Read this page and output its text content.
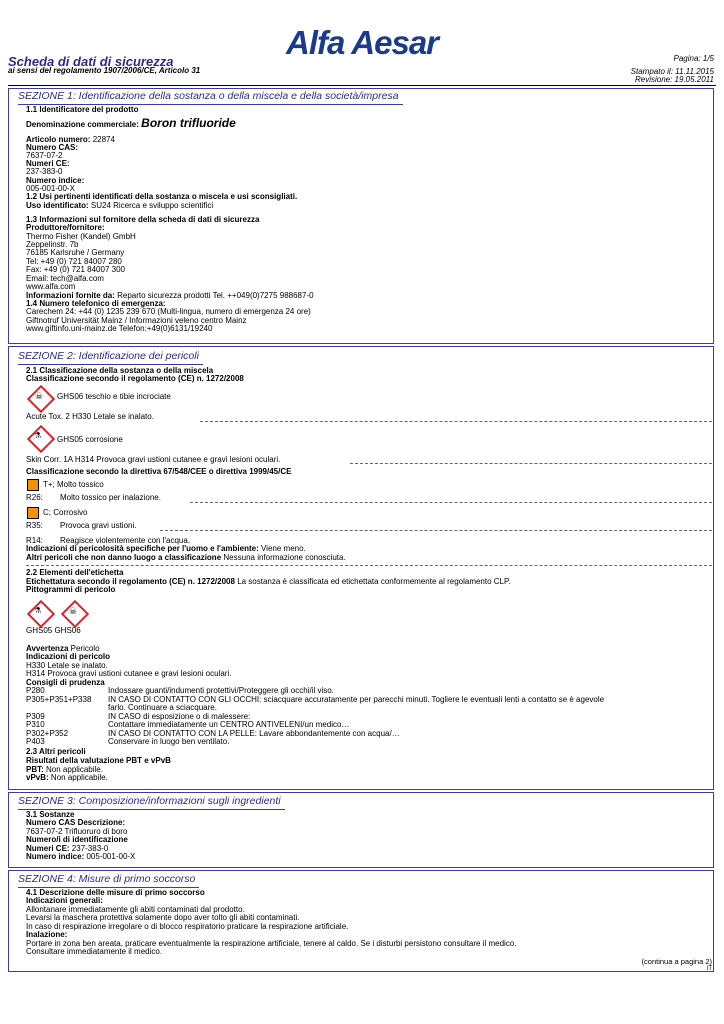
Alfa Aesar
Scheda di dati di sicurezza
ai sensi del regolamento 1907/2006/CE, Articolo 31
Pagina: 1/5
Stampato il: 11.11.2015
Revisione: 19.05.2011
SEZIONE 1: Identificazione della sostanza o della miscela e della società/impresa
1.1 Identificatore del prodotto
Denominazione commerciale: Boron trifluoride
Articolo numero: 22874
Numero CAS:
7637-07-2
Numeri CE:
237-383-0
Numero indice:
005-001-00-X
1.2 Usi pertinenti identificati della sostanza o miscela e usi sconsigliati.
Uso identificato: SU24 Ricerca e sviluppo scientifici
1.3 Informazioni sul fornitore della scheda di dati di sicurezza
Produttore/fornitore:
Thermo Fisher (Kandel) GmbH
Zeppelinstr. 7b
76185 Karlsruhe / Germany
Tel: +49 (0) 721 84007 280
Fax: +49 (0) 721 84007 300
Email: tech@alfa.com
www.alfa.com
Informazioni fornite da: Reparto sicurezza prodotti Tel. ++049(0)7275 988687-0
1.4 Numero telefonico di emergenza:
Carechem 24: +44 (0) 1235 239 670 (Multi-lingua, numero di emergenza 24 ore)
Giftnotruf Universität Mainz / Informazioni veleno centro Mainz
www.giftinfo.uni-mainz.de Telefon:+49(0)6131/19240
SEZIONE 2: Identificazione dei pericoli
2.1 Classificazione della sostanza o della miscela
Classificazione secondo il regolamento (CE) n. 1272/2008
☠ GHS06 teschio e tibie incrociate
Acute Tox. 2 H330 Letale se inalato.
⚗ GHS05 corrosione
Skin Corr. 1A H314 Provoca gravi ustioni cutanee e gravi lesioni oculari.
Classificazione secondo la direttiva 67/548/CEE o direttiva 1999/45/CE
T+; Molto tossico
R26: Molto tossico per inalazione.
C; Corrosivo
R35: Provoca gravi ustioni.
R14: Reagisce violentemente con l'acqua.
Indicazioni di pericolosità specifiche per l'uomo e l'ambiente: Viene meno.
Altri pericoli che non danno luogo a classificazione Nessuna informazione conosciuta.
2.2 Elementi dell'etichetta
Etichettatura secondo il regolamento (CE) n. 1272/2008 La sostanza è classificata ed etichettata conformemente al regolamento CLP.
Pittogrammi di pericolo
⚗	☠
GHS05 GHS06
Avvertenza Pericolo
Indicazioni di pericolo
H330 Letale se inalato.
H314 Provoca gravi ustioni cutanee e gravi lesioni oculari.
Consigli di prudenza
P280	Indossare guanti/indumenti protettivi/Proteggere gli occhi/il viso.
P305+P351+P338 IN CASO DI CONTATTO CON GLI OCCHI: sciacquare accuratamente per parecchi minuti. Togliere le eventuali lenti a contatto se è agevole
farlo. Continuare a sciacquare.
P309	IN CASO di esposizione o di malessere:
P310	Contattare immediatamente un CENTRO ANTIVELENI/un medico…
P302+P352	IN CASO DI CONTATTO CON LA PELLE: Lavare abbondantemente con acqua/…
P403	Conservare in luogo ben ventilato.
2.3 Altri pericoli
Risultati della valutazione PBT e vPvB
PBT: Non applicabile.
vPvB: Non applicabile.
SEZIONE 3: Composizione/informazioni sugli ingredienti
3.1 Sostanze
Numero CAS Descrizione:
7637-07-2 Trifluoruro di boro
Numero/i di identificazione
Numeri CE: 237-383-0
Numero indice: 005-001-00-X
SEZIONE 4: Misure di primo soccorso
4.1 Descrizione delle misure di primo soccorso
Indicazioni generali:
Allontanare immediatamente gli abiti contaminati dal prodotto.
Levarsi la maschera protettiva solamente dopo aver tolto gli abiti contaminati.
In caso di respirazione irregolare o di blocco respiratorio praticare la respirazione artificiale.
Inalazione:
Portare in zona ben areata, praticare eventualmente la respirazione artificiale, tenere al caldo. Se i disturbi persistono consultare il medico.
Consultare immediatamente il medico.
(continua a pagina 2)
IT
